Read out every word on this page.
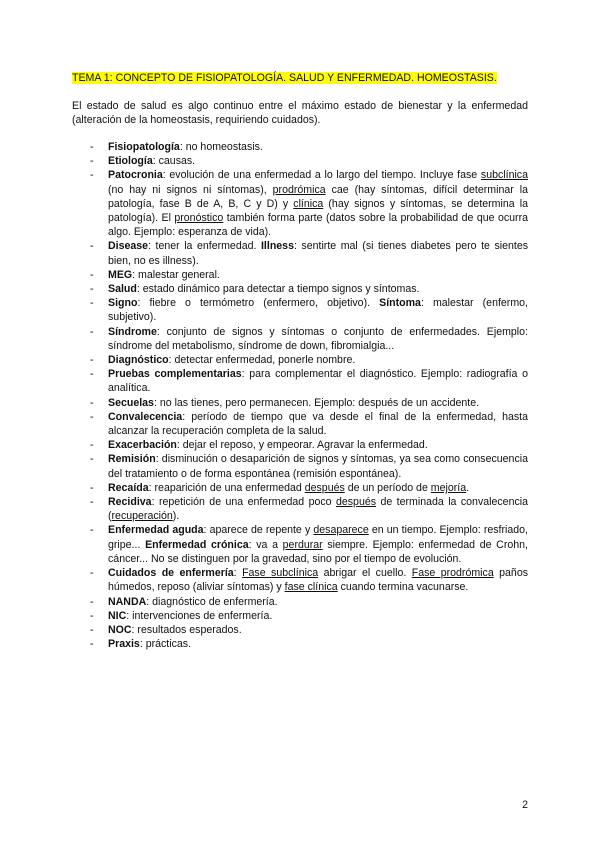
TEMA 1: CONCEPTO DE FISIOPATOLOGÍA. SALUD Y ENFERMEDAD. HOMEOSTASIS.
El estado de salud es algo continuo entre el máximo estado de bienestar y la enfermedad (alteración de la homeostasis, requiriendo cuidados).
- Fisiopatología: no homeostasis.
- Etiología: causas.
- Patocronia: evolución de una enfermedad a lo largo del tiempo. Incluye fase subclínica (no hay ni signos ni síntomas), prodrómica cae (hay síntomas, difícil determinar la patología, fase B de A, B, C y D) y clínica (hay signos y síntomas, se determina la patología). El pronóstico también forma parte (datos sobre la probabilidad de que ocurra algo. Ejemplo: esperanza de vida).
- Disease: tener la enfermedad. Illness: sentirte mal (si tienes diabetes pero te sientes bien, no es illness).
- MEG: malestar general.
- Salud: estado dinámico para detectar a tiempo signos y síntomas.
- Signo: fiebre o termómetro (enfermero, objetivo). Síntoma: malestar (enfermo, subjetivo).
- Síndrome: conjunto de signos y síntomas o conjunto de enfermedades. Ejemplo: síndrome del metabolismo, síndrome de down, fibromialgia...
- Diagnóstico: detectar enfermedad, ponerle nombre.
- Pruebas complementarias: para complementar el diagnóstico. Ejemplo: radiografía o analítica.
- Secuelas: no las tienes, pero permanecen. Ejemplo: después de un accidente.
- Convalecencia: período de tiempo que va desde el final de la enfermedad, hasta alcanzar la recuperación completa de la salud.
- Exacerbación: dejar el reposo, y empeorar. Agravar la enfermedad.
- Remisión: disminución o desaparición de signos y síntomas, ya sea como consecuencia del tratamiento o de forma espontánea (remisión espontánea).
- Recaída: reaparición de una enfermedad después de un período de mejoría.
- Recidiva: repetición de una enfermedad poco después de terminada la convalecencia (recuperación).
- Enfermedad aguda: aparece de repente y desaparece en un tiempo. Ejemplo: resfriado, gripe... Enfermedad crónica: va a perdurar siempre. Ejemplo: enfermedad de Crohn, cáncer... No se distinguen por la gravedad, sino por el tiempo de evolución.
- Cuidados de enfermería: Fase subclínica abrigar el cuello. Fase prodrómica paños húmedos, reposo (aliviar síntomas) y fase clínica cuando termina vacunarse.
- NANDA: diagnóstico de enfermería.
- NIC: intervenciones de enfermería.
- NOC: resultados esperados.
- Praxis: prácticas.
2
